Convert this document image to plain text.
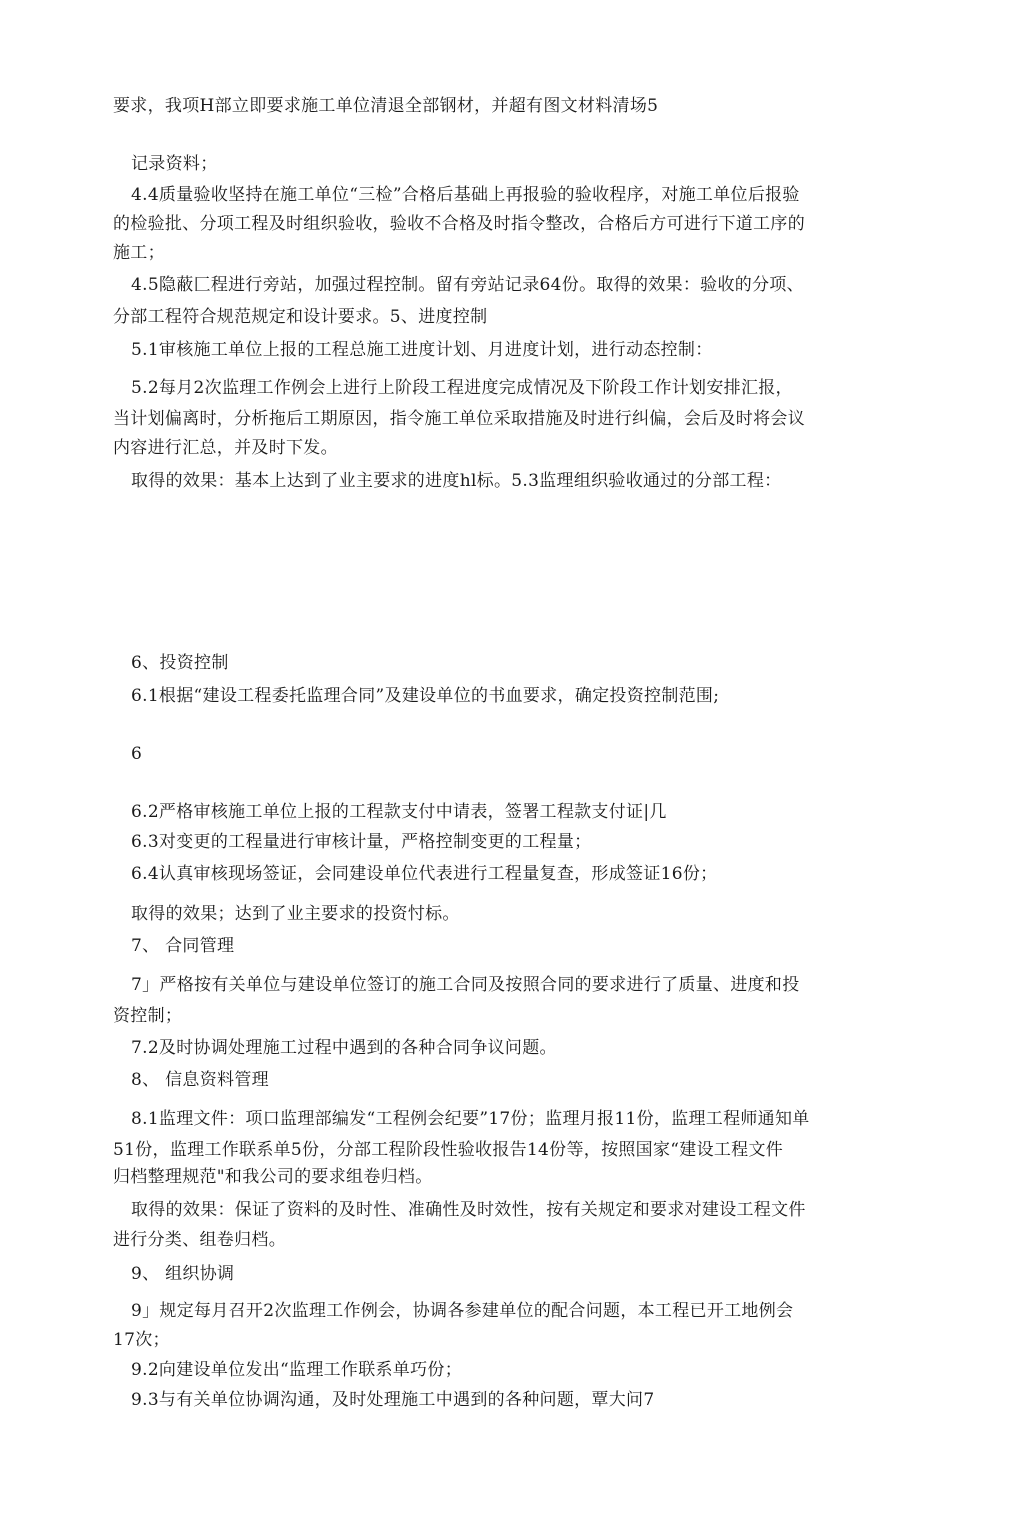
要求，我项H部立即要求施工单位清退全部钢材，并超有图文材料清场5
记录资料；
4.4质量验收坚持在施工单位“三检”合格后基础上再报验的验收程序，对施工单位后报验
的检验批、分项工程及时组织验收，验收不合格及时指令整改，合格后方可进行下道工序的
施工；
4.5隐蔽匚程进行旁站，加强过程控制。留有旁站记录64份。取得的效果：验收的分项、
分部工程符合规范规定和设计要求。5、进度控制
5.1审核施工单位上报的工程总施工进度计划、月进度计划，进行动态控制：
5.2每月2次监理工作例会上进行上阶段工程进度完成情况及下阶段工作计划安排汇报，
当计划偏离时，分析拖后工期原因，指令施工单位采取措施及时进行纠偏，会后及时将会议
内容进行汇总，并及时下发。
取得的效果：基本上达到了业主要求的进度hl标。5.3监理组织验收通过的分部工程：
6、投资控制
6.1根据“建设工程委托监理合同”及建设单位的书血要求，确定投资控制范围;
6
6.2严格审核施工单位上报的工程款支付中请表，签署工程款支付证|几
6.3对变更的工程量进行审核计量，严格控制变更的工程量；
6.4认真审核现场签证，会同建设单位代表进行工程量复查，形成签证16份；
取得的效果；达到了业主要求的投资忖标。
7、 合同管理
7」严格按有关单位与建设单位签订的施工合同及按照合同的要求进行了质量、进度和投
资控制；
7.2及时协调处理施工过程中遇到的各种合同争议问题。
8、 信息资料管理
8.1监理文件：项口监理部编发“工程例会纪要”17份；监理月报11份，监理工程师通知单
51份，监理工作联系单5份，分部工程阶段性验收报告14份等，按照国家“建设工程文件
归档整理规范"和我公司的要求组卷归档。
取得的效果：保证了资料的及时性、准确性及时效性，按有关规定和要求对建设工程文件
进行分类、组卷归档。
9、 组织协调
9」规定每月召开2次监理工作例会，协调各参建单位的配合问题，本工程已开工地例会
17次；
9.2向建设单位发出“监理工作联系单巧份；
9.3与有关单位协调沟通，及时处理施工中遇到的各种问题，覃大问7
